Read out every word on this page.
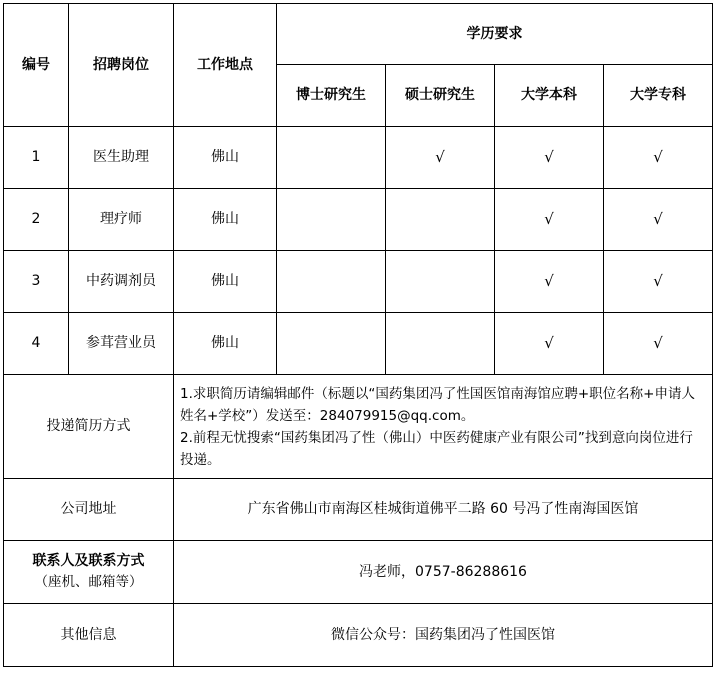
编号	招聘岗位	工作地点	学历要求			
			博士研究生	硕士研究生	大学本科	大学专科
1	医生助理	佛山		√	√	√
2	理疗师	佛山			√	√
3	中药调剂员	佛山			√	√
4	参茸营业员	佛山			√	√
投递简历方式		1.求职简历请编辑邮件（标题以“国药集团冯了性国医馆南海馆应聘+职位名称+申请人姓名+学校”）发送至：284079915@qq.com。

2.前程无忧搜索“国药集团冯了性（佛山）中医药健康产业有限公司”找到意向岗位进行投递。				

公司地址		广东省佛山市南海区桂城街道佛平二路 60 号冯了性南海国医馆				

联系人及联系方式
（座机、邮箱等）		冯老师，0757-86288616				
其他信息		微信公众号：国药集团冯了性国医馆				
